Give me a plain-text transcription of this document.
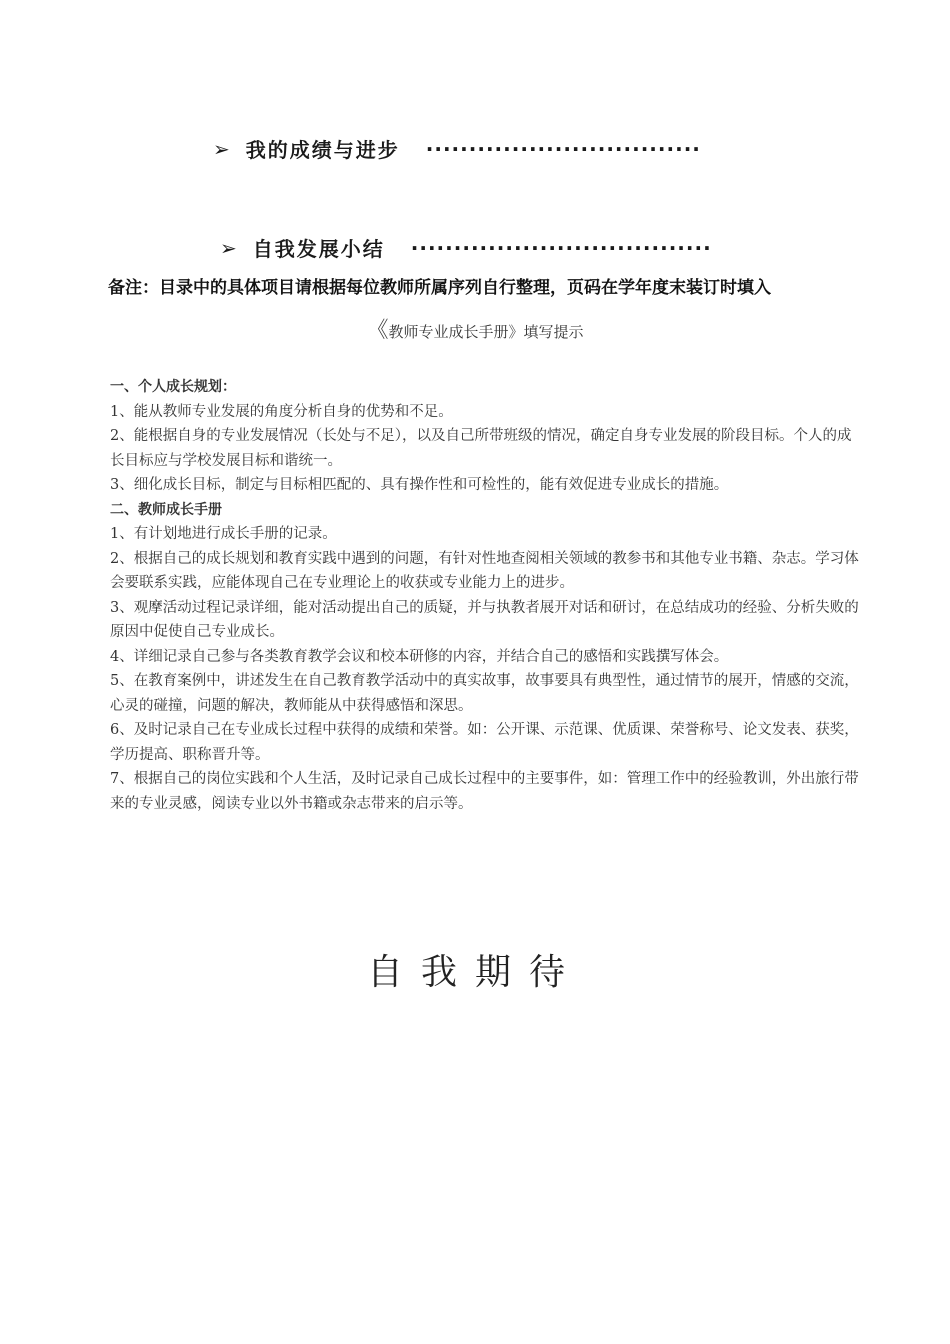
➢ 我的成绩与进步 ································
➢ 自我发展小结 ···································
备注：目录中的具体项目请根据每位教师所属序列自行整理，页码在学年度末装订时填入
《教师专业成长手册》填写提示

一、个人成长规划：

1、能从教师专业发展的角度分析自身的优势和不足。

2、能根据自身的专业发展情况（长处与不足），以及自己所带班级的情况，确定自身专业发展的阶段目标。个人的成长目标应与学校发展目标和谐统一。

3、细化成长目标，制定与目标相匹配的、具有操作性和可检性的，能有效促进专业成长的措施。

二、教师成长手册

1、有计划地进行成长手册的记录。

2、根据自己的成长规划和教育实践中遇到的问题，有针对性地查阅相关领域的教参书和其他专业书籍、杂志。学习体会要联系实践，应能体现自己在专业理论上的收获或专业能力上的进步。

3、观摩活动过程记录详细，能对活动提出自己的质疑，并与执教者展开对话和研讨，在总结成功的经验、分析失败的原因中促使自己专业成长。

4、详细记录自己参与各类教育教学会议和校本研修的内容，并结合自己的感悟和实践撰写体会。

5、在教育案例中，讲述发生在自己教育教学活动中的真实故事，故事要具有典型性，通过情节的展开，情感的交流，心灵的碰撞，问题的解决，教师能从中获得感悟和深思。

6、及时记录自己在专业成长过程中获得的成绩和荣誉。如：公开课、示范课、优质课、荣誉称号、论文发表、获奖，学历提高、职称晋升等。

7、根据自己的岗位实践和个人生活，及时记录自己成长过程中的主要事件，如：管理工作中的经验教训，外出旅行带来的专业灵感，阅读专业以外书籍或杂志带来的启示等。

自我期待
